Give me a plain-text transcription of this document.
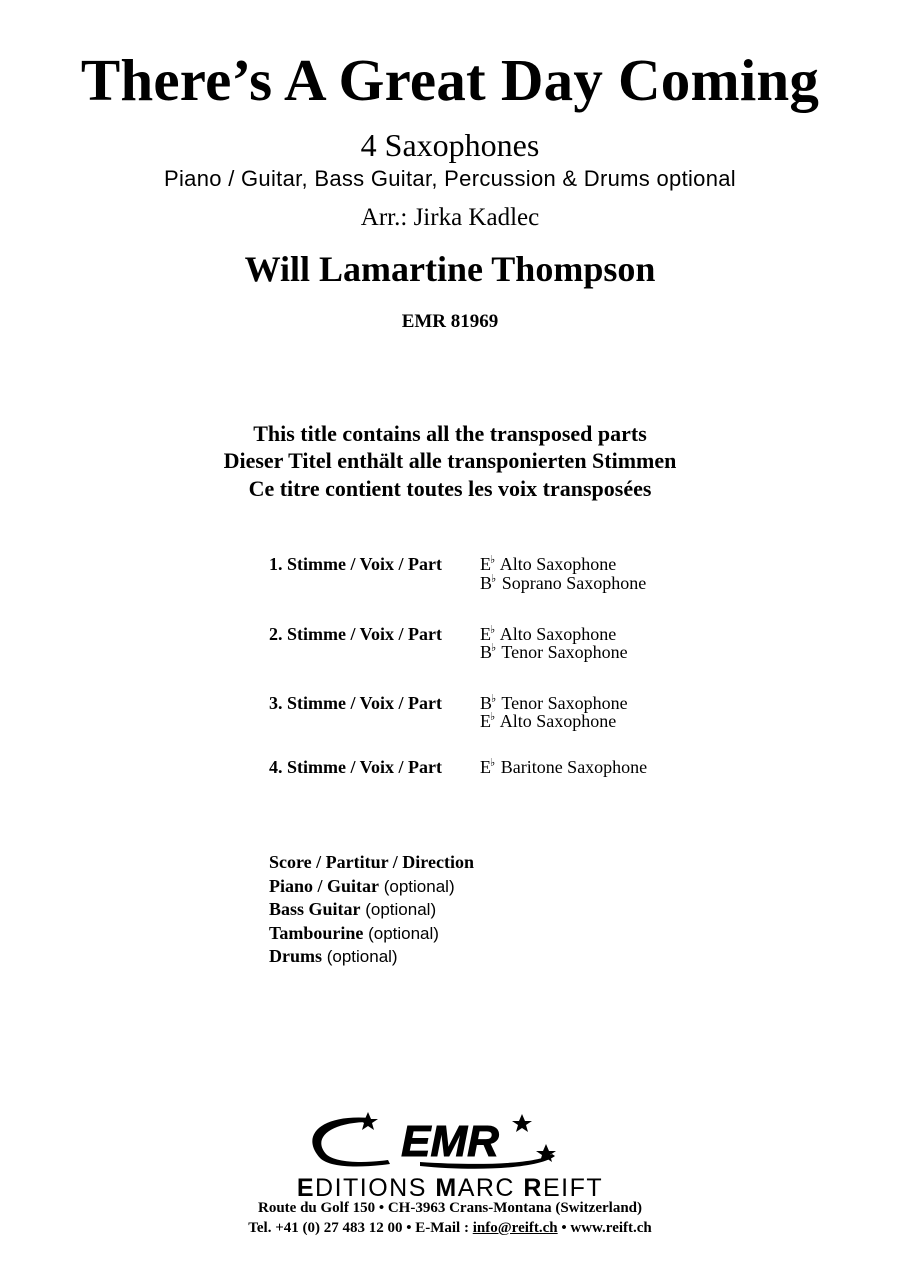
There’s A Great Day Coming
4 Saxophones
Piano / Guitar, Bass Guitar, Percussion & Drums optional
Arr.: Jirka Kadlec
Will Lamartine Thompson
EMR 81969
This title contains all the transposed parts
Dieser Titel enthält alle transponierten Stimmen
Ce titre contient toutes les voix transposées
1. Stimme / Voix / Part E♭ Alto Saxophone
B♭ Soprano Saxophone
2. Stimme / Voix / Part E♭ Alto Saxophone
B♭ Tenor Saxophone
3. Stimme / Voix / Part B♭ Tenor Saxophone
E♭ Alto Saxophone
4. Stimme / Voix / Part E♭ Baritone Saxophone
Score / Partitur / Direction
Piano / Guitar (optional)
Bass Guitar (optional)
Tambourine (optional)
Drums (optional)
EMR
EDITIONS MARC REIFT
Route du Golf 150 • CH-3963 Crans-Montana (Switzerland)
Tel. +41 (0) 27 483 12 00 • E-Mail : info@reift.ch • www.reift.ch
